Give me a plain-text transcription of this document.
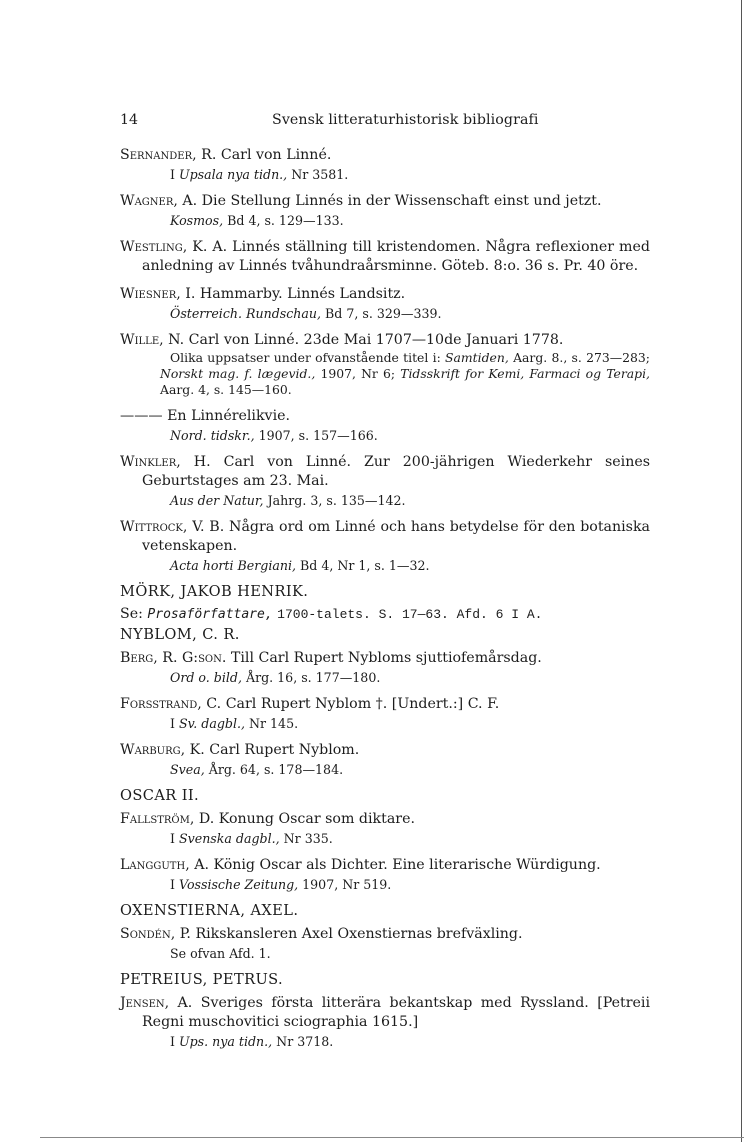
14	Svensk litteraturhistorisk bibliografi
Sernander, R. Carl von Linné.
I Upsala nya tidn., Nr 3581.
Wagner, A. Die Stellung Linnés in der Wissenschaft einst und jetzt.
Kosmos, Bd 4, s. 129—133.
Westling, K. A. Linnés ställning till kristendomen. Några reflexioner med anledning av Linnés tvåhundraårsminne. Göteb. 8:o. 36 s. Pr. 40 öre.
Wiesner, I. Hammarby. Linnés Landsitz.
Österreich. Rundschau, Bd 7, s. 329—339.
Wille, N. Carl von Linné. 23de Mai 1707—10de Januari 1778.
Olika uppsatser under ofvanstående titel i: Samtiden, Aarg. 8., s. 273—283; Norskt mag. f. lægevid., 1907, Nr 6; Tidsskrift for Kemi, Farmaci og Terapi, Aarg. 4, s. 145—160.
——— En Linnérelikvie.
Nord. tidskr., 1907, s. 157—166.
Winkler, H. Carl von Linné. Zur 200-jährigen Wiederkehr seines Geburtstages am 23. Mai.
Aus der Natur, Jahrg. 3, s. 135—142.
Wittrock, V. B. Några ord om Linné och hans betydelse för den botaniska vetenskapen.
Acta horti Bergiani, Bd 4, Nr 1, s. 1—32.
MÖRK, JAKOB HENRIK.
Se: Prosaförfattare, 1700-talets. S. 17—63. Afd. 6 I A.
NYBLOM, C. R.
Berg, R. G:son. Till Carl Rupert Nybloms sjuttiofemårsdag.
Ord o. bild, Årg. 16, s. 177—180.
Forsstrand, C. Carl Rupert Nyblom †. [Undert.:] C. F.
I Sv. dagbl., Nr 145.
Warburg, K. Carl Rupert Nyblom.
Svea, Årg. 64, s. 178—184.
OSCAR II.
Fallström, D. Konung Oscar som diktare.
I Svenska dagbl., Nr 335.
Langguth, A. König Oscar als Dichter. Eine literarische Würdigung.
I Vossische Zeitung, 1907, Nr 519.
OXENSTIERNA, AXEL.
Sondén, P. Rikskansleren Axel Oxenstiernas brefväxling.
Se ofvan Afd. 1.
PETREIUS, PETRUS.
Jensen, A. Sveriges första litterära bekantskap med Ryssland. [Petreii Regni muschovitici sciographia 1615.]
I Ups. nya tidn., Nr 3718.
